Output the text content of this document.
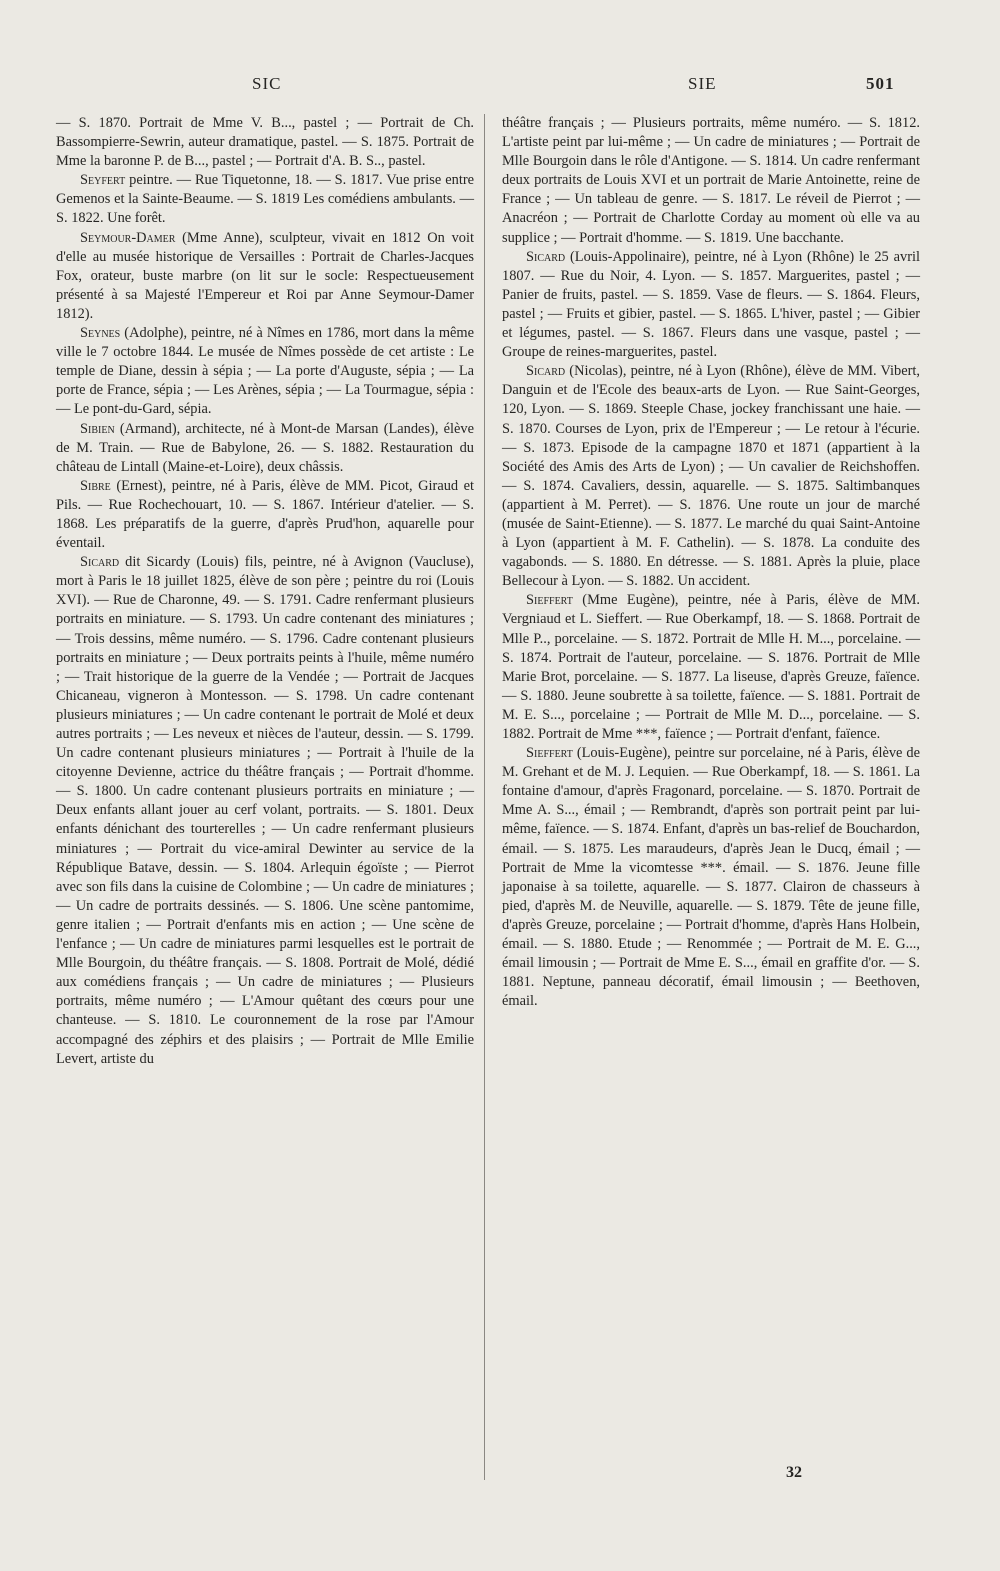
SIC	SIE	501

— S. 1870. Portrait de Mme V. B..., pastel ; — Portrait de Ch. Bassompierre-Sewrin, auteur dramatique, pastel. — S. 1875. Portrait de Mme la baronne P. de B..., pastel ; — Portrait d'A. B. S.., pastel.

Seyfert peintre. — Rue Tiquetonne, 18. — S. 1817. Vue prise entre Gemenos et la Sainte-Beaume. — S. 1819 Les comédiens ambulants. — S. 1822. Une forêt.

Seymour-Damer (Mme Anne), sculpteur, vivait en 1812 On voit d'elle au musée historique de Versailles : Portrait de Charles-Jacques Fox, orateur, buste marbre (on lit sur le socle: Respectueusement présenté à sa Majesté l'Empereur et Roi par Anne Seymour-Damer 1812).

Seynes (Adolphe), peintre, né à Nîmes en 1786, mort dans la même ville le 7 octobre 1844. Le musée de Nîmes possède de cet artiste : Le temple de Diane, dessin à sépia ; — La porte d'Auguste, sépia ; — La porte de France, sépia ; — Les Arènes, sépia ; — La Tourmague, sépia : — Le pont-du-Gard, sépia.

Sibien (Armand), architecte, né à Mont-de Marsan (Landes), élève de M. Train. — Rue de Babylone, 26. — S. 1882. Restauration du château de Lintall (Maine-et-Loire), deux châssis.

Sibre (Ernest), peintre, né à Paris, élève de MM. Picot, Giraud et Pils. — Rue Rochechouart, 10. — S. 1867. Intérieur d'atelier. — S. 1868. Les préparatifs de la guerre, d'après Prud'hon, aquarelle pour éventail.

Sicard dit Sicardy (Louis) fils, peintre, né à Avignon (Vaucluse), mort à Paris le 18 juillet 1825, élève de son père ; peintre du roi (Louis XVI). — Rue de Charonne, 49. — S. 1791. Cadre renfermant plusieurs portraits en miniature. — S. 1793. Un cadre contenant des miniatures ; — Trois dessins, même numéro. — S. 1796. Cadre contenant plusieurs portraits en miniature ; — Deux portraits peints à l'huile, même numéro ; — Trait historique de la guerre de la Vendée ; — Portrait de Jacques Chicaneau, vigneron à Montesson. — S. 1798. Un cadre contenant plusieurs miniatures ; — Un cadre contenant le portrait de Molé et deux autres portraits ; — Les neveux et nièces de l'auteur, dessin. — S. 1799. Un cadre contenant plusieurs miniatures ; — Portrait à l'huile de la citoyenne Devienne, actrice du théâtre français ; — Portrait d'homme. — S. 1800. Un cadre contenant plusieurs portraits en miniature ; — Deux enfants allant jouer au cerf volant, portraits. — S. 1801. Deux enfants dénichant des tourterelles ; — Un cadre renfermant plusieurs miniatures ; — Portrait du vice-amiral Dewinter au service de la République Batave, dessin. — S. 1804. Arlequin égoïste ; — Pierrot avec son fils dans la cuisine de Colombine ; — Un cadre de miniatures ; — Un cadre de portraits dessinés. — S. 1806. Une scène pantomime, genre italien ; — Portrait d'enfants mis en action ; — Une scène de l'enfance ; — Un cadre de miniatures parmi lesquelles est le portrait de Mlle Bourgoin, du théâtre français. — S. 1808. Portrait de Molé, dédié aux comédiens français ; — Un cadre de miniatures ; — Plusieurs portraits, même numéro ; — L'Amour quêtant des cœurs pour une chanteuse. — S. 1810. Le couronnement de la rose par l'Amour accompagné des zéphirs et des plaisirs ; — Portrait de Mlle Emilie Levert, artiste du

théâtre français ; — Plusieurs portraits, même numéro. — S. 1812. L'artiste peint par lui-même ; — Un cadre de miniatures ; — Portrait de Mlle Bourgoin dans le rôle d'Antigone. — S. 1814. Un cadre renfermant deux portraits de Louis XVI et un portrait de Marie Antoinette, reine de France ; — Un tableau de genre. — S. 1817. Le réveil de Pierrot ; — Anacréon ; — Portrait de Charlotte Corday au moment où elle va au supplice ; — Portrait d'homme. — S. 1819. Une bacchante.

Sicard (Louis-Appolinaire), peintre, né à Lyon (Rhône) le 25 avril 1807. — Rue du Noir, 4. Lyon. — S. 1857. Marguerites, pastel ; — Panier de fruits, pastel. — S. 1859. Vase de fleurs. — S. 1864. Fleurs, pastel ; — Fruits et gibier, pastel. — S. 1865. L'hiver, pastel ; — Gibier et légumes, pastel. — S. 1867. Fleurs dans une vasque, pastel ; — Groupe de reines-marguerites, pastel.

Sicard (Nicolas), peintre, né à Lyon (Rhône), élève de MM. Vibert, Danguin et de l'Ecole des beaux-arts de Lyon. — Rue Saint-Georges, 120, Lyon. — S. 1869. Steeple Chase, jockey franchissant une haie. — S. 1870. Courses de Lyon, prix de l'Empereur ; — Le retour à l'écurie. — S. 1873. Episode de la campagne 1870 et 1871 (appartient à la Société des Amis des Arts de Lyon) ; — Un cavalier de Reichshoffen. — S. 1874. Cavaliers, dessin, aquarelle. — S. 1875. Saltimbanques (appartient à M. Perret). — S. 1876. Une route un jour de marché (musée de Saint-Etienne). — S. 1877. Le marché du quai Saint-Antoine à Lyon (appartient à M. F. Cathelin). — S. 1878. La conduite des vagabonds. — S. 1880. En détresse. — S. 1881. Après la pluie, place Bellecour à Lyon. — S. 1882. Un accident.

Sieffert (Mme Eugène), peintre, née à Paris, élève de MM. Vergniaud et L. Sieffert. — Rue Oberkampf, 18. — S. 1868. Portrait de Mlle P.., porcelaine. — S. 1872. Portrait de Mlle H. M..., porcelaine. — S. 1874. Portrait de l'auteur, porcelaine. — S. 1876. Portrait de Mlle Marie Brot, porcelaine. — S. 1877. La liseuse, d'après Greuze, faïence. — S. 1880. Jeune soubrette à sa toilette, faïence. — S. 1881. Portrait de M. E. S..., porcelaine ; — Portrait de Mlle M. D..., porcelaine. — S. 1882. Portrait de Mme ***, faïence ; — Portrait d'enfant, faïence.

Sieffert (Louis-Eugène), peintre sur porcelaine, né à Paris, élève de M. Grehant et de M. J. Lequien. — Rue Oberkampf, 18. — S. 1861. La fontaine d'amour, d'après Fragonard, porcelaine. — S. 1870. Portrait de Mme A. S..., émail ; — Rembrandt, d'après son portrait peint par lui-même, faïence. — S. 1874. Enfant, d'après un bas-relief de Bouchardon, émail. — S. 1875. Les maraudeurs, d'après Jean le Ducq, émail ; — Portrait de Mme la vicomtesse ***. émail. — S. 1876. Jeune fille japonaise à sa toilette, aquarelle. — S. 1877. Clairon de chasseurs à pied, d'après M. de Neuville, aquarelle. — S. 1879. Tête de jeune fille, d'après Greuze, porcelaine ; — Portrait d'homme, d'après Hans Holbein, émail. — S. 1880. Etude ; — Renommée ; — Portrait de M. E. G..., émail limousin ; — Portrait de Mme E. S..., émail en graffite d'or. — S. 1881. Neptune, panneau décoratif, émail limousin ; — Beethoven, émail.

32
